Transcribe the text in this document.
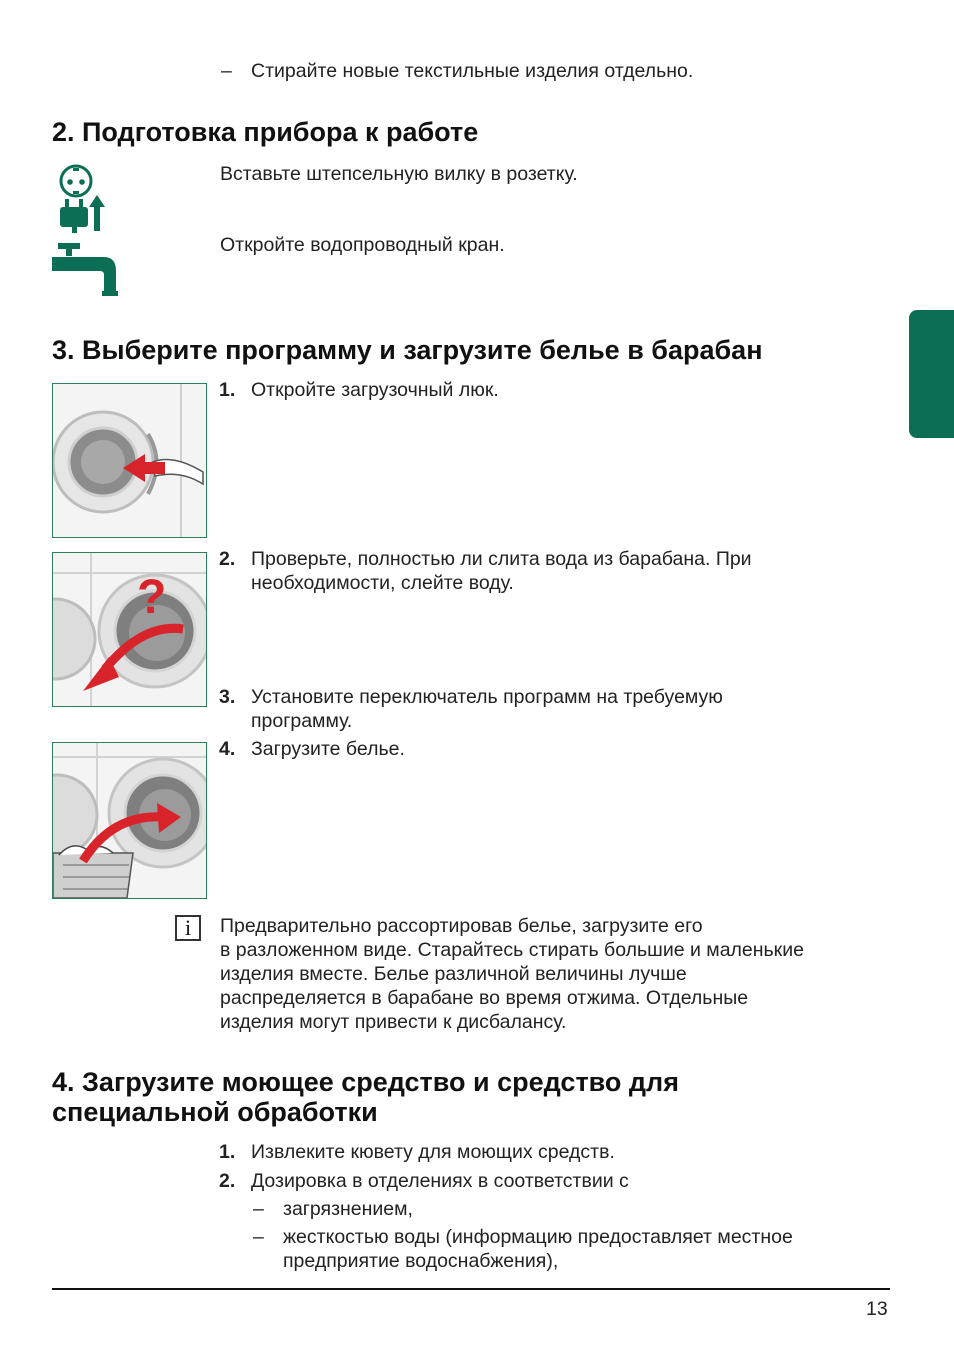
– Стирайте новые текстильные изделия отдельно.
2. Подготовка прибора к работе
Вставьте штепсельную вилку в розетку.
Откройте водопроводный кран.
3. Выберите программу и загрузите белье в барабан
1. Откройте загрузочный люк.
?
2. Проверьте, полностью ли слита вода из барабана. При
необходимости, слейте воду.
3. Установите переключатель программ на требуемую
программу.
4. Загрузите белье.
i	Предварительно рассортировав белье, загрузите его
в разложенном виде. Старайтесь стирать большие и маленькие
изделия вместе. Белье различной величины лучше
распределяется в барабане во время отжима. Отдельные
изделия могут привести к дисбалансу.
4. Загрузите моющее средство и средство для
специальной обработки
1. Извлеките кювету для моющих средств.
2. Дозировка в отделениях в соответствии с
– загрязнением,
– жесткостью воды (информацию предоставляет местное
предприятие водоснабжения),
13
